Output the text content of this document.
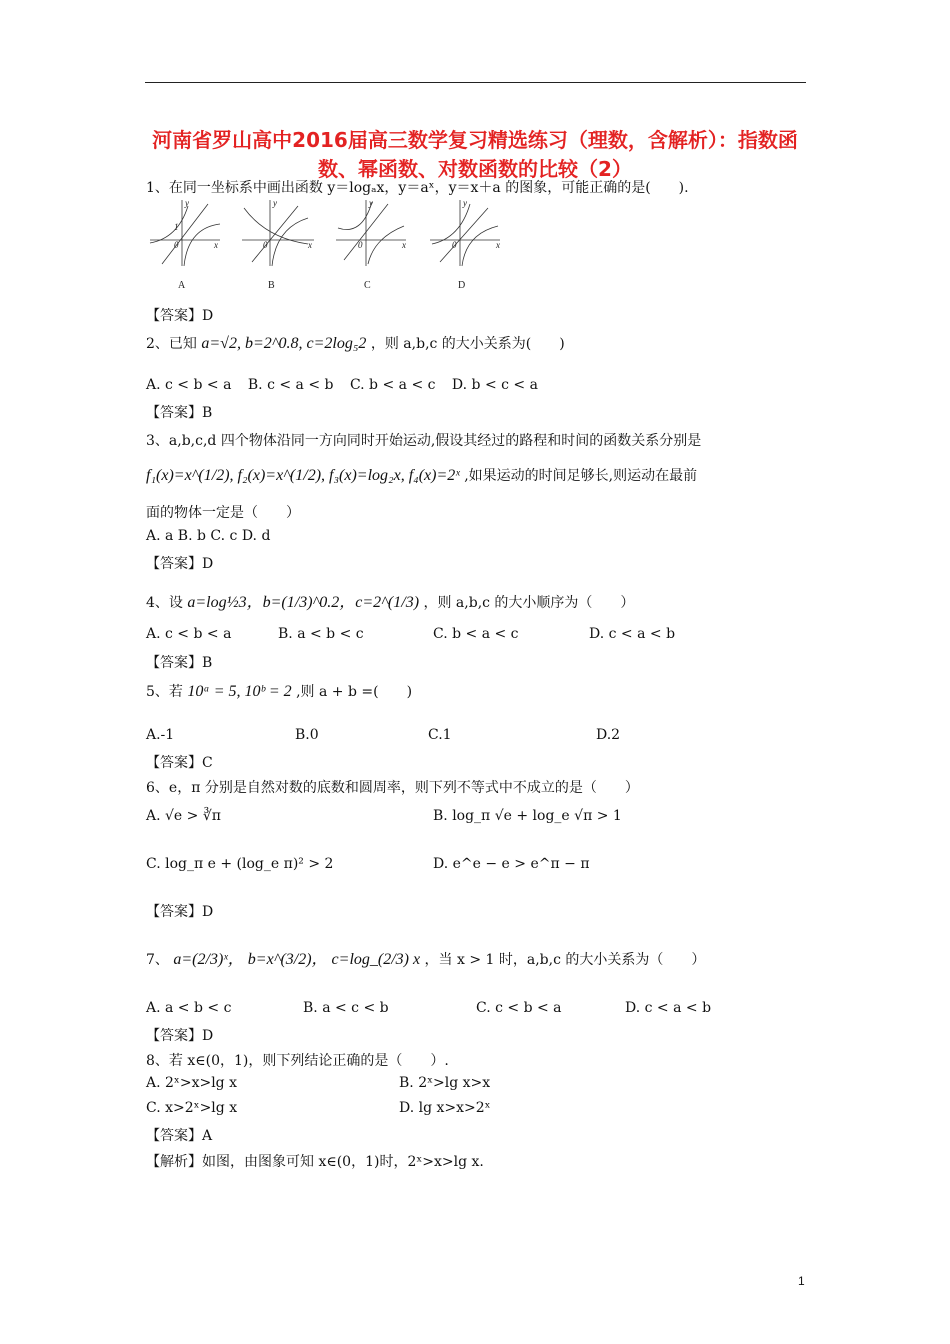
河南省罗山高中2016届高三数学复习精选练习（理数，含解析）：指数函数、幂函数、对数函数的比较（2）
1、在同一坐标系中画出函数 y＝logₐx，y＝aˣ，y＝x＋a 的图象，可能正确的是(　　).
y
x
0
1
y
x
0
y
x
0
y
x
0
A	B	C	D
【答案】D
2、已知 a=√2, b=2^0.8, c=2log₅2 ，则 a,b,c 的大小关系为(　　)
A. c < b < a B. c < a < b C. b < a < c D. b < c < a
【答案】B
3、a,b,c,d 四个物体沿同一方向同时开始运动,假设其经过的路程和时间的函数关系分别是
f₁(x)=x^(1/2), f₂(x)=x^(1/2), f₃(x)=log₂x, f₄(x)=2ˣ ,如果运动的时间足够长,则运动在最前
面的物体一定是（　　）
A. a B. b C. c D. d
【答案】D
4、设 a=log½3，b=(1/3)^0.2，c=2^(1/3) ，则 a,b,c 的大小顺序为（　　）
A. c < b < a	B. a < b < c	C. b < a < c	D. c < a < b
【答案】B
5、若 10ᵃ = 5, 10ᵇ = 2 ,则 a + b =(　　)
A.-1	B.0	C.1	D.2
【答案】C
6、e，π 分别是自然对数的底数和圆周率，则下列不等式中不成立的是（　　）
A. √e > ∛π	B. log_π √e + log_e √π > 1
C. log_π e + (log_e π)² > 2	D. e^e − e > e^π − π
【答案】D
7、 a=(2/3)ˣ， b=x^(3/2)， c=log_(2/3) x ，当 x > 1 时，a,b,c 的大小关系为（　　）
A. a < b < c	B. a < c < b	C. c < b < a	D. c < a < b
【答案】D
8、若 x∈(0，1)，则下列结论正确的是（　　）.
A. 2ˣ>x>lg x	B. 2ˣ>lg x>x
C. x>2ˣ>lg x	D. lg x>x>2ˣ
【答案】A
【解析】如图，由图象可知 x∈(0，1)时，2ˣ>x>lg x.
1
